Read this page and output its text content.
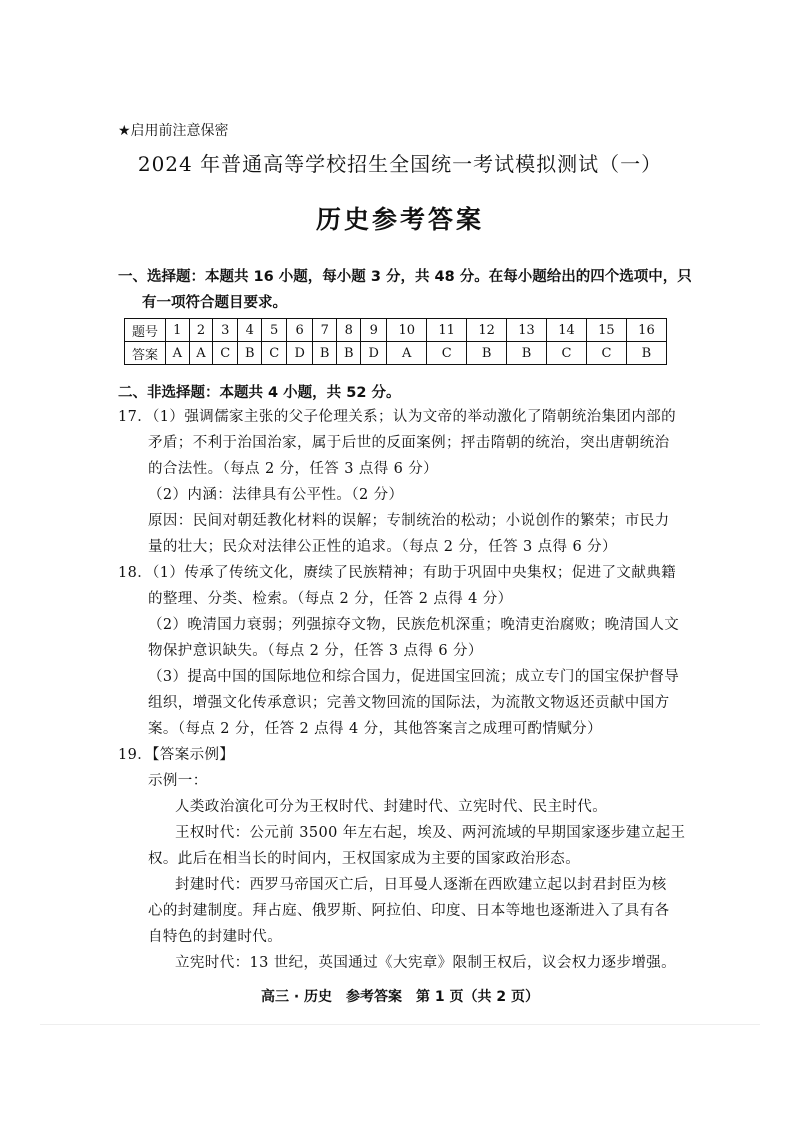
★启用前注意保密
2024 年普通高等学校招生全国统一考试模拟测试（一）
历史参考答案
一、选择题：本题共 16 小题，每小题 3 分，共 48 分。在每小题给出的四个选项中，只
有一项符合题目要求。
题号	1	2	3	4	5	6	7	8	9	10	11	12	13	14	15	16
答案	A	A	C	B	C	D	B	B	D	A	C	B	B	C	C	B
二、非选择题：本题共 4 小题，共 52 分。
17．（1）强调儒家主张的父子伦理关系；认为文帝的举动激化了隋朝统治集团内部的
矛盾；不利于治国治家，属于后世的反面案例；抨击隋朝的统治，突出唐朝统治
的合法性。（每点 2 分，任答 3 点得 6 分）
（2）内涵：法律具有公平性。（2 分）
原因：民间对朝廷教化材料的误解；专制统治的松动；小说创作的繁荣；市民力
量的壮大；民众对法律公正性的追求。（每点 2 分，任答 3 点得 6 分）
18．（1）传承了传统文化，赓续了民族精神；有助于巩固中央集权；促进了文献典籍
的整理、分类、检索。（每点 2 分，任答 2 点得 4 分）
（2）晚清国力衰弱；列强掠夺文物，民族危机深重；晚清吏治腐败；晚清国人文
物保护意识缺失。（每点 2 分，任答 3 点得 6 分）
（3）提高中国的国际地位和综合国力，促进国宝回流；成立专门的国宝保护督导
组织，增强文化传承意识；完善文物回流的国际法，为流散文物返还贡献中国方
案。（每点 2 分，任答 2 点得 4 分，其他答案言之成理可酌情赋分）
19．【答案示例】
示例一：
人类政治演化可分为王权时代、封建时代、立宪时代、民主时代。
王权时代：公元前 3500 年左右起，埃及、两河流域的早期国家逐步建立起王
权。此后在相当长的时间内，王权国家成为主要的国家政治形态。
封建时代：西罗马帝国灭亡后，日耳曼人逐渐在西欧建立起以封君封臣为核
心的封建制度。拜占庭、俄罗斯、阿拉伯、印度、日本等地也逐渐进入了具有各
自特色的封建时代。
立宪时代：13 世纪，英国通过《大宪章》限制王权后，议会权力逐步增强。
高三 · 历史　参考答案　第 1 页（共 2 页）
